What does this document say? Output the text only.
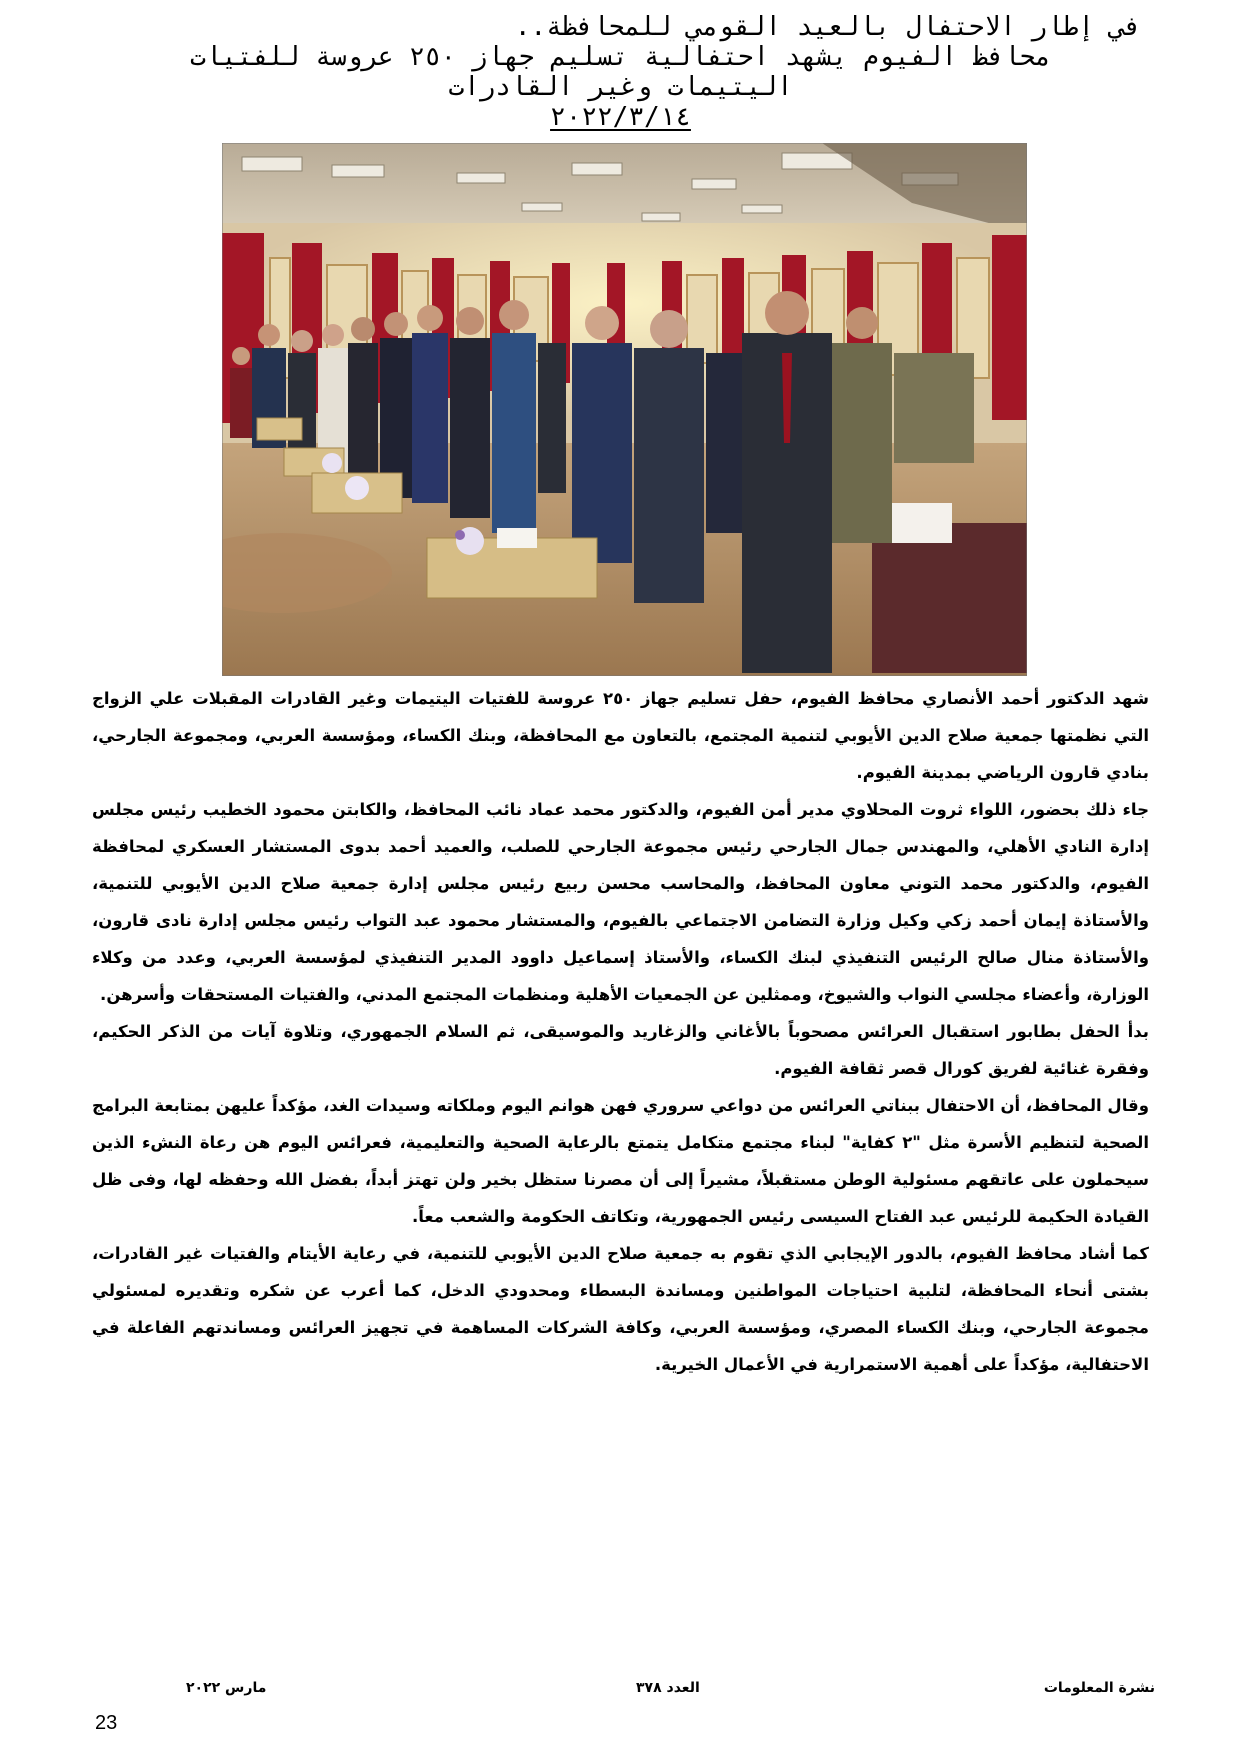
في إطار الاحتفال بالعيد القومي للمحافظة..
محافظ الفيوم يشهد احتفالية تسليم جهاز ٢٥٠ عروسة للفتيات
اليتيمات وغير القادرات
٢٠٢٢/٣/١٤

شهد الدكتور أحمد الأنصاري محافظ الفيوم، حفل تسليم جهاز ٢٥٠ عروسة للفتيات اليتيمات وغير القادرات المقبلات علي الزواج التي نظمتها جمعية صلاح الدين الأيوبي لتنمية المجتمع، بالتعاون مع المحافظة، وبنك الكساء، ومؤسسة العربي، ومجموعة الجارحي، بنادي قارون الرياضي بمدينة الفيوم.

جاء ذلك بحضور، اللواء ثروت المحلاوي مدير أمن الفيوم، والدكتور محمد عماد نائب المحافظ، والكابتن محمود الخطيب رئيس مجلس إدارة النادي الأهلي، والمهندس جمال الجارحي رئيس مجموعة الجارحي للصلب، والعميد أحمد بدوى المستشار العسكري لمحافظة الفيوم، والدكتور محمد التوني معاون المحافظ، والمحاسب محسن ربيع رئيس مجلس إدارة جمعية صلاح الدين الأيوبي للتنمية، والأستاذة إيمان أحمد زكي وكيل وزارة التضامن الاجتماعي بالفيوم، والمستشار محمود عبد التواب رئيس مجلس إدارة نادى قارون، والأستاذة منال صالح الرئيس التنفيذي لبنك الكساء، والأستاذ إسماعيل داوود المدير التنفيذي لمؤسسة العربي، وعدد من وكلاء الوزارة، وأعضاء مجلسي النواب والشيوخ، وممثلين عن الجمعيات الأهلية ومنظمات المجتمع المدني، والفتيات المستحقات وأسرهن.

بدأ الحفل بطابور استقبال العرائس مصحوباً بالأغاني والزغاريد والموسيقى، ثم السلام الجمهوري، وتلاوة آيات من الذكر الحكيم، وفقرة غنائية لفريق كورال قصر ثقافة الفيوم.

وقال المحافظ، أن الاحتفال ببناتي العرائس من دواعي سروري فهن هوانم اليوم وملكاته وسيدات الغد، مؤكداً عليهن بمتابعة البرامج الصحية لتنظيم الأسرة مثل "٢ كفاية" لبناء مجتمع متكامل يتمتع بالرعاية الصحية والتعليمية، فعرائس اليوم هن رعاة النشء الذين سيحملون على عاتقهم مسئولية الوطن مستقبلاً، مشيراً إلى أن مصرنا ستظل بخير ولن تهتز أبداً، بفضل الله وحفظه لها، وفى ظل القيادة الحكيمة للرئيس عبد الفتاح السيسى رئيس الجمهورية، وتكاتف الحكومة والشعب معاً.

كما أشاد محافظ الفيوم، بالدور الإيجابي الذي تقوم به جمعية صلاح الدين الأيوبي للتنمية، في رعاية الأيتام والفتيات غير القادرات، بشتى أنحاء المحافظة، لتلبية احتياجات المواطنين ومساندة البسطاء ومحدودي الدخل، كما أعرب عن شكره وتقديره لمسئولي مجموعة الجارحي، وبنك الكساء المصري، ومؤسسة العربي، وكافة الشركات المساهمة في تجهيز العرائس ومساندتهم الفاعلة في الاحتفالية، مؤكداً على أهمية الاستمرارية في الأعمال الخيرية.

مارس ٢٠٢٢	العدد ٣٧٨	نشرة المعلومات
23
